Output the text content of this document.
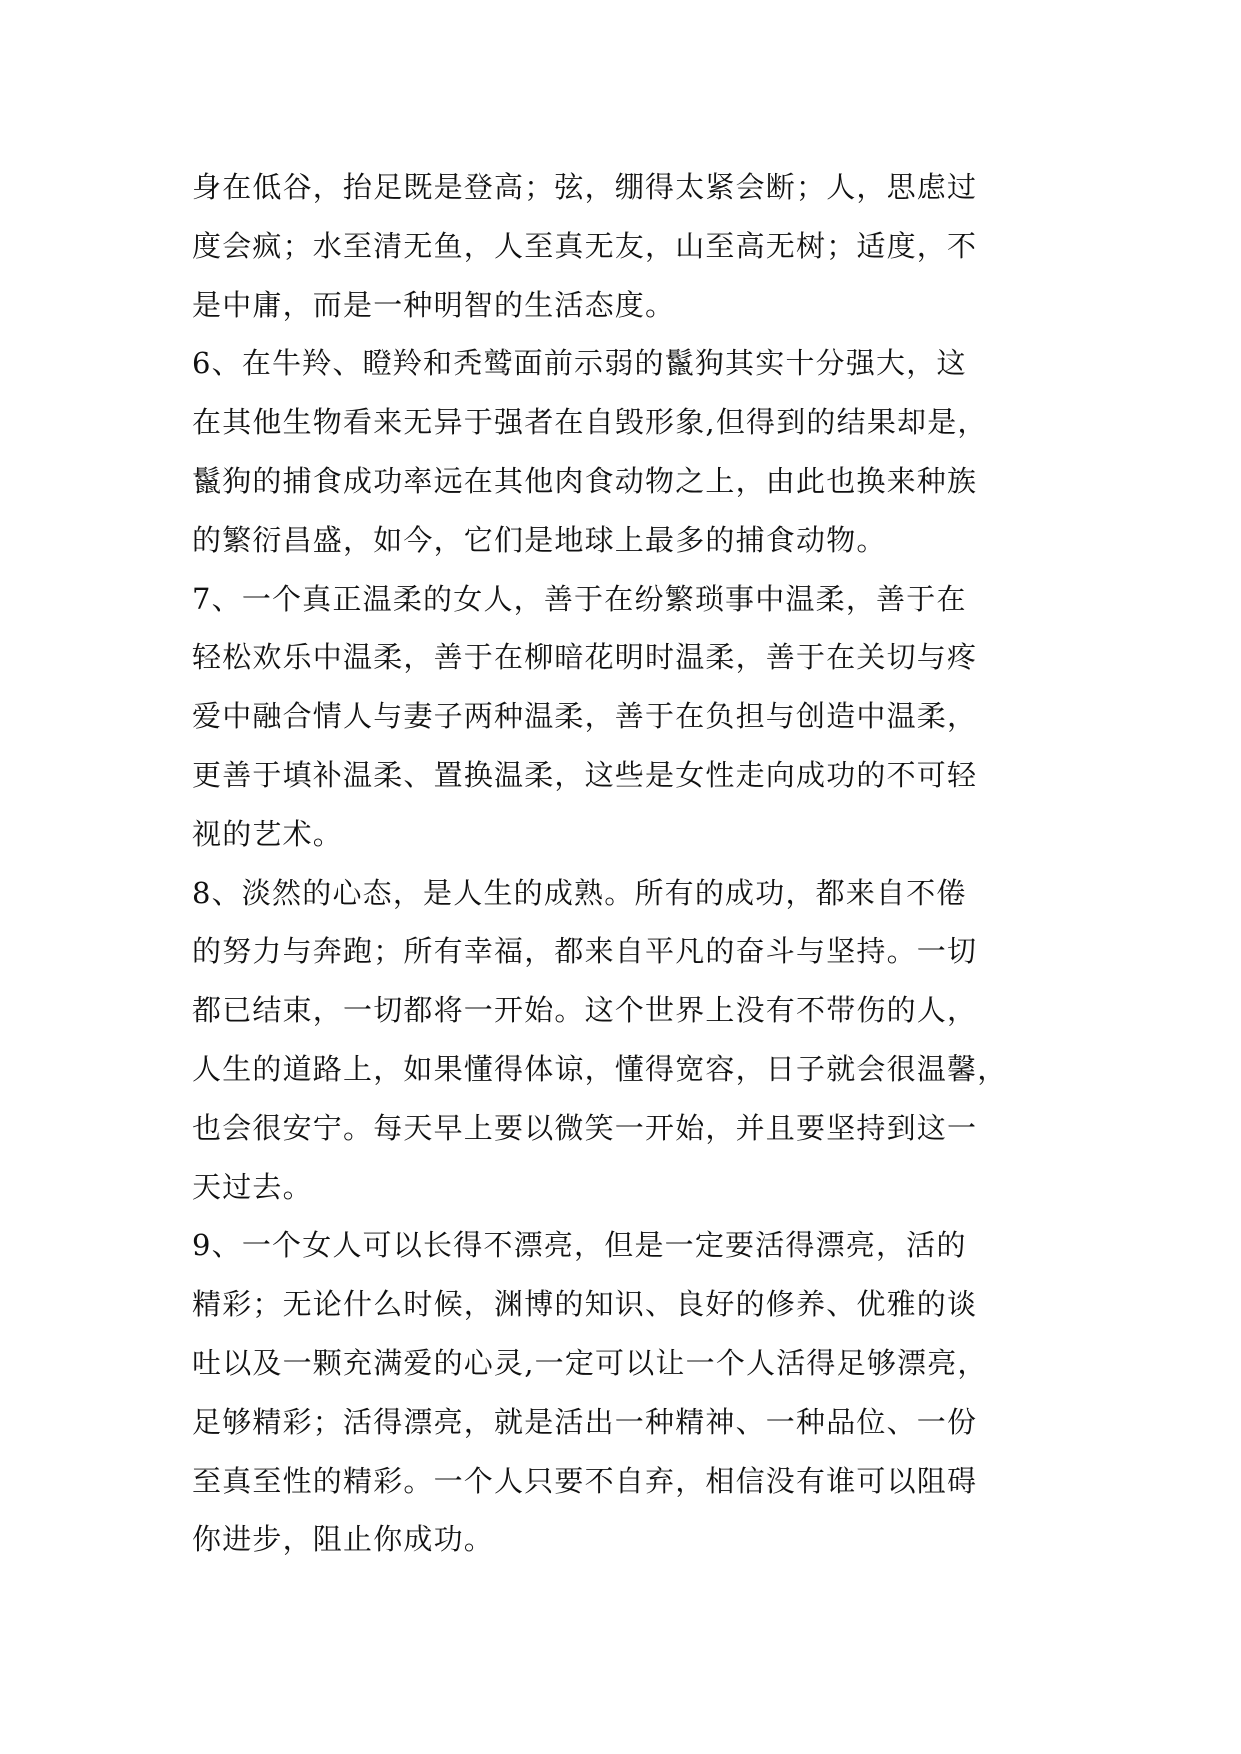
身在低谷，抬足既是登高；弦，绷得太紧会断；人，思虑过
度会疯；水至清无鱼，人至真无友，山至高无树；适度，不
是中庸，而是一种明智的生活态度。
6、在牛羚、瞪羚和秃鹫面前示弱的鬣狗其实十分强大，这
在其他生物看来无异于强者在自毁形象,但得到的结果却是，
鬣狗的捕食成功率远在其他肉食动物之上，由此也换来种族
的繁衍昌盛，如今，它们是地球上最多的捕食动物。
7、一个真正温柔的女人，善于在纷繁琐事中温柔，善于在
轻松欢乐中温柔，善于在柳暗花明时温柔，善于在关切与疼
爱中融合情人与妻子两种温柔，善于在负担与创造中温柔，
更善于填补温柔、置换温柔，这些是女性走向成功的不可轻
视的艺术。
8、淡然的心态，是人生的成熟。所有的成功，都来自不倦
的努力与奔跑；所有幸福，都来自平凡的奋斗与坚持。一切
都已结束，一切都将一开始。这个世界上没有不带伤的人，
人生的道路上，如果懂得体谅，懂得宽容，日子就会很温馨，
也会很安宁。每天早上要以微笑一开始，并且要坚持到这一
天过去。
9、一个女人可以长得不漂亮，但是一定要活得漂亮，活的
精彩；无论什么时候，渊博的知识、良好的修养、优雅的谈
吐以及一颗充满爱的心灵,一定可以让一个人活得足够漂亮，
足够精彩；活得漂亮，就是活出一种精神、一种品位、一份
至真至性的精彩。一个人只要不自弃，相信没有谁可以阻碍
你进步，阻止你成功。
